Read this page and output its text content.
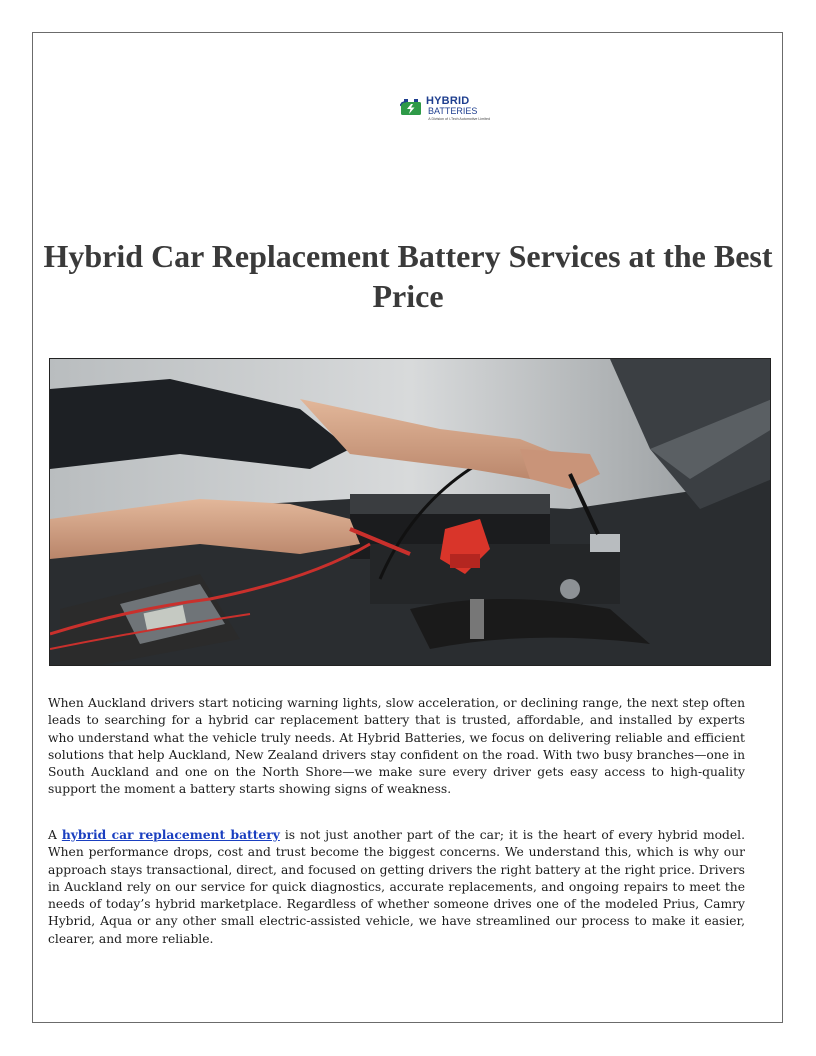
HYBRID
BATTERIES
A Division of i-Tech Automotive Limited
Hybrid Car Replacement Battery Services at the Best Price

When Auckland drivers start noticing warning lights, slow acceleration, or declining range, the next step often leads to searching for a hybrid car replacement battery that is trusted, affordable, and installed by experts who understand what the vehicle truly needs. At Hybrid Batteries, we focus on delivering reliable and efficient solutions that help Auckland, New Zealand drivers stay confident on the road. With two busy branches—one in South Auckland and one on the North Shore—we make sure every driver gets easy access to high-quality support the moment a battery starts showing signs of weakness.

A hybrid car replacement battery is not just another part of the car; it is the heart of every hybrid model. When performance drops, cost and trust become the biggest concerns. We understand this, which is why our approach stays transactional, direct, and focused on getting drivers the right battery at the right price. Drivers in Auckland rely on our service for quick diagnostics, accurate replacements, and ongoing repairs to meet the needs of today’s hybrid marketplace. Regardless of whether someone drives one of the modeled Prius, Camry Hybrid, Aqua or any other small electric-assisted vehicle, we have streamlined our process to make it easier, clearer, and more reliable.
